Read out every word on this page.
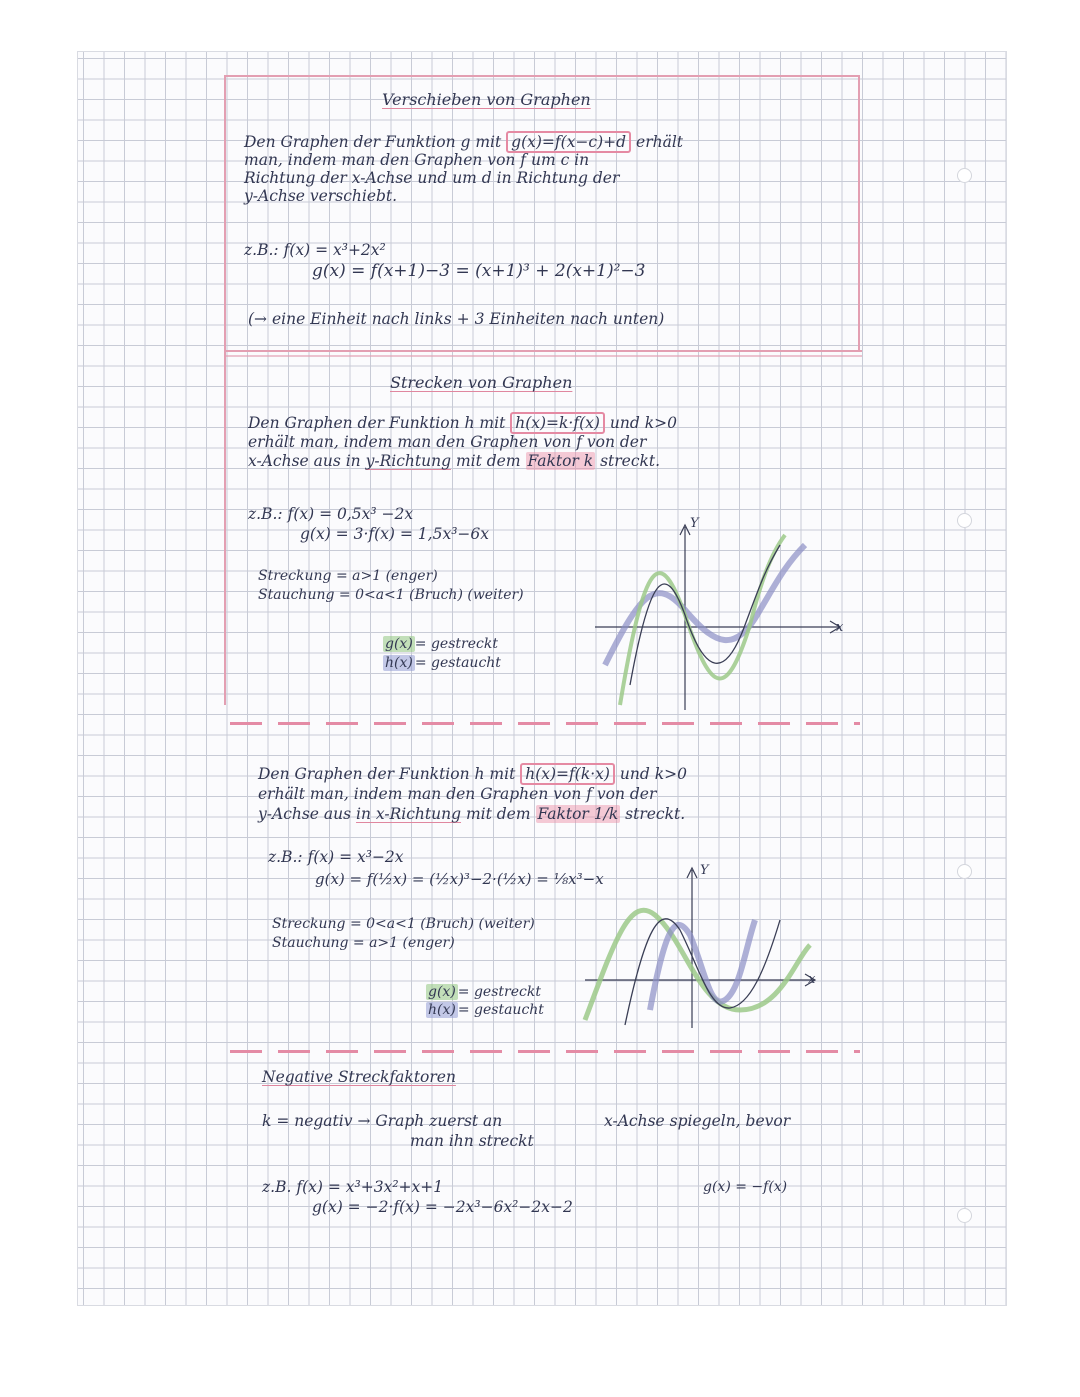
Verschieben von Graphen
Den Graphen der Funktion g mit g(x)=f(x−c)+d erhält
man, indem man den Graphen von f um c in
Richtung der x-Achse und um d in Richtung der
y-Achse verschiebt.
z.B.: f(x) = x³+2x²
g(x) = f(x+1)−3 = (x+1)³ + 2(x+1)²−3
(→ eine Einheit nach links + 3 Einheiten nach unten)
Strecken von Graphen
Den Graphen der Funktion h mit h(x)=k·f(x) und k>0
erhält man, indem man den Graphen von f von der
x-Achse aus in y-Richtung mit dem Faktor k streckt.
z.B.: f(x) = 0,5x³ −2x
g(x) = 3·f(x) = 1,5x³−6x
Streckung = a>1 (enger)
Stauchung = 0<a<1 (Bruch) (weiter)
g(x) = gestreckt
h(x) = gestaucht
Y
x
Den Graphen der Funktion h mit h(x)=f(k·x) und k>0
erhält man, indem man den Graphen von f von der
y-Achse aus in x-Richtung mit dem Faktor 1/k streckt.
z.B.: f(x) = x³−2x
g(x) = f(½x) = (½x)³−2·(½x) = ⅛x³−x
Streckung = 0<a<1 (Bruch) (weiter)
Stauchung = a>1 (enger)
g(x) = gestreckt
h(x) = gestaucht
Y
x
Negative Streckfaktoren
k = negativ → Graph zuerst an	x-Achse spiegeln, bevor
man ihn streckt
z.B. f(x) = x³+3x²+x+1
g(x) = −2·f(x) = −2x³−6x²−2x−2
g(x) = −f(x)
